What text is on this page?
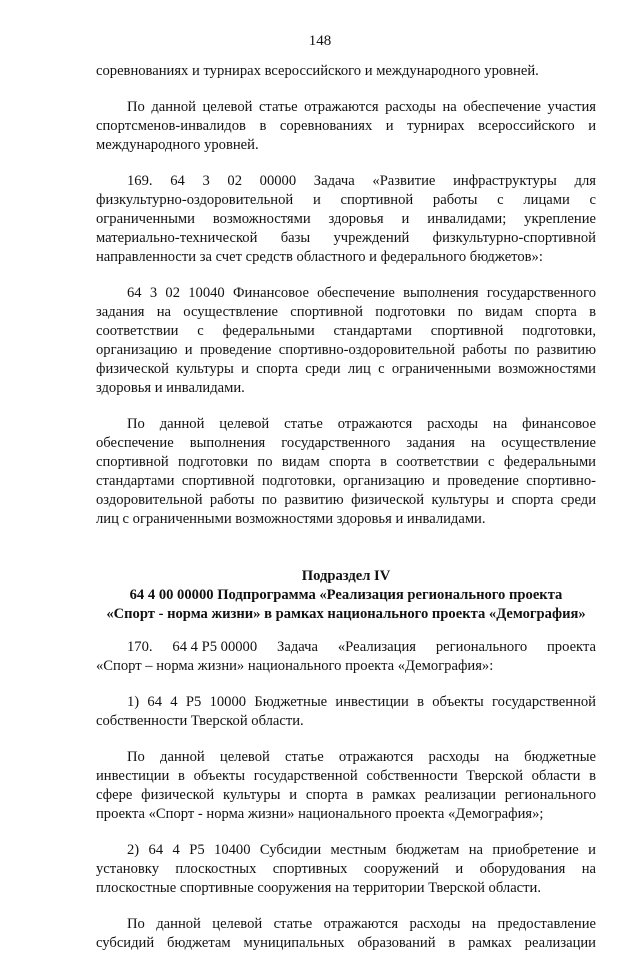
148
соревнованиях и турнирах всероссийского и международного уровней.
По данной целевой статье отражаются расходы на обеспечение участия
спортсменов-инвалидов в соревнованиях и турнирах всероссийского и
международного уровней.
169. 64 3 02 00000 Задача «Развитие инфраструктуры для
физкультурно-оздоровительной и спортивной работы с лицами с
ограниченными возможностями здоровья и инвалидами; укрепление
материально-технической базы учреждений физкультурно-спортивной
направленности за счет средств областного и федерального бюджетов»:
64 3 02 10040 Финансовое обеспечение выполнения государственного
задания на осуществление спортивной подготовки по видам спорта в
соответствии с федеральными стандартами спортивной подготовки,
организацию и проведение спортивно-оздоровительной работы по развитию
физической культуры и спорта среди лиц с ограниченными возможностями
здоровья и инвалидами.
По данной целевой статье отражаются расходы на финансовое
обеспечение выполнения государственного задания на осуществление
спортивной подготовки по видам спорта в соответствии с федеральными
стандартами спортивной подготовки, организацию и проведение спортивно-
оздоровительной работы по развитию физической культуры и спорта среди
лиц с ограниченными возможностями здоровья и инвалидами.
Подраздел IV
64 4 00 00000 Подпрограмма «Реализация регионального проекта
«Спорт - норма жизни» в рамках национального проекта «Демография»
170. 64 4 P5 00000 Задача «Реализация регионального проекта
«Спорт – норма жизни» национального проекта «Демография»:
1) 64 4 P5 10000 Бюджетные инвестиции в объекты государственной
собственности Тверской области.
По данной целевой статье отражаются расходы на бюджетные
инвестиции в объекты государственной собственности Тверской области в
сфере физической культуры и спорта в рамках реализации регионального
проекта «Спорт - норма жизни» национального проекта «Демография»;
2) 64 4 P5 10400 Субсидии местным бюджетам на приобретение и
установку плоскостных спортивных сооружений и оборудования на
плоскостные спортивные сооружения на территории Тверской области.
По данной целевой статье отражаются расходы на предоставление
субсидий бюджетам муниципальных образований в рамках реализации
